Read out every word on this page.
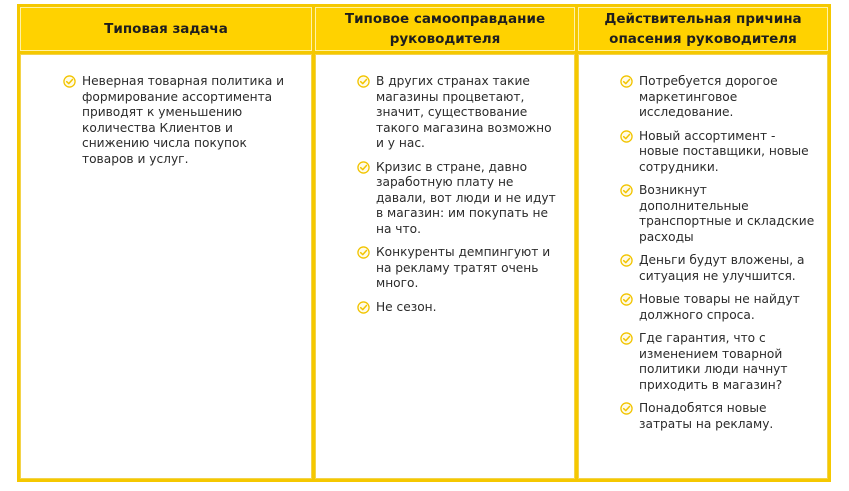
Типовая задача
Типовое самооправдание руководителя
Действительная причина опасения руководителя
Неверная товарная политика и формирование ассортимента приводят к уменьшению количества Клиентов и снижению числа покупок товаров и услуг.
В других странах такие магазины процветают, значит, существование такого магазина возможно и у нас.
Кризис в стране, давно заработную плату не давали, вот люди и не идут в магазин: им покупать не на что.
Конкуренты демпингуют и на рекламу тратят очень много.
Не сезон.
Потребуется дорогое маркетинговое исследование.
Новый ассортимент - новые поставщики, новые сотрудники.
Возникнут дополнительные транспортные и складские расходы
Деньги будут вложены, а ситуация не улучшится.
Новые товары не найдут должного спроса.
Где гарантия, что с изменением товарной политики люди начнут приходить в магазин?
Понадобятся новые затраты на рекламу.
